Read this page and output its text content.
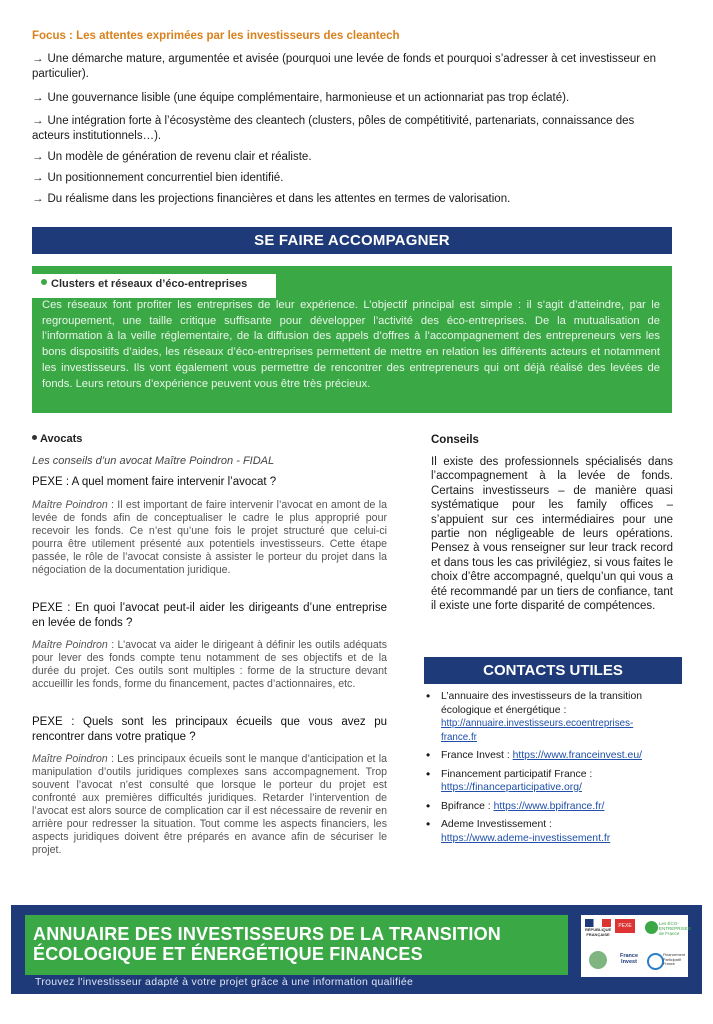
Focus : Les attentes exprimées par les investisseurs des cleantech
→ Une démarche mature, argumentée et avisée (pourquoi une levée de fonds et pourquoi s’adresser à cet investisseur en particulier).
→ Une gouvernance lisible (une équipe complémentaire, harmonieuse et un actionnariat pas trop éclaté).
→ Une intégration forte à l’écosystème des cleantech (clusters, pôles de compétitivité, partenariats, connaissance des acteurs institutionnels…).
→ Un modèle de génération de revenu clair et réaliste.
→ Un positionnement concurrentiel bien identifié.
→ Du réalisme dans les projections financières et dans les attentes en termes de valorisation.
SE FAIRE ACCOMPAGNER
Clusters et réseaux d’éco-entreprises
Ces réseaux font profiter les entreprises de leur expérience. L’objectif principal est simple : il s’agit d’atteindre, par le regroupement, une taille critique suffisante pour développer l’activité des éco-entreprises. De la mutualisation de l’information à la veille réglementaire, de la diffusion des appels d’offres à l’accompagnement des entrepreneurs vers les bons dispositifs d’aides, les réseaux d’éco-entreprises permettent de mettre en relation les différents acteurs et notamment les investisseurs. Ils vont également vous permettre de rencontrer des entrepreneurs qui ont déjà réalisé des levées de fonds. Leurs retours d’expérience peuvent vous être très précieux.
Avocats
Les conseils d’un avocat Maître Poindron - FIDAL
PEXE : A quel moment faire intervenir l’avocat ?
Maître Poindron : Il est important de faire intervenir l’avocat en amont de la levée de fonds afin de conceptualiser le cadre le plus approprié pour recevoir les fonds. Ce n’est qu’une fois le projet structuré que celui-ci pourra être utilement présenté aux potentiels investisseurs. Cette étape passée, le rôle de l’avocat consiste à assister le porteur du projet dans la négociation de la documentation juridique.
PEXE : En quoi l’avocat peut-il aider les dirigeants d’une entreprise en levée de fonds ?
Maître Poindron : L’avocat va aider le dirigeant à définir les outils adéquats pour lever des fonds compte tenu notamment de ses objectifs et de la durée du projet. Ces outils sont multiples : forme de la structure devant accueillir les fonds, forme du financement, pactes d’actionnaires, etc.
PEXE : Quels sont les principaux écueils que vous avez pu rencontrer dans votre pratique ?
Maître Poindron : Les principaux écueils sont le manque d’anticipation et la manipulation d’outils juridiques complexes sans accompagnement. Trop souvent l’avocat n’est consulté que lorsque le porteur du projet est confronté aux premières difficultés juridiques. Retarder l’intervention de l’avocat est alors source de complication car il est nécessaire de revenir en arrière pour redresser la situation. Tout comme les aspects financiers, les aspects juridiques doivent être préparés en avance afin de sécuriser le projet.
Conseils
Il existe des professionnels spécialisés dans l’accompagnement à la levée de fonds. Certains investisseurs – de manière quasi systématique pour les family offices – s’appuient sur ces intermédiaires pour une partie non négligeable de leurs opérations. Pensez à vous renseigner sur leur track record et dans tous les cas privilégiez, si vous faites le choix d’être accompagné, quelqu’un qui vous a été recommandé par un tiers de confiance, tant il existe une forte disparité de compétences.
CONTACTS UTILES
• L’annuaire des investisseurs de la transition écologique et énergétique :
http://annuaire.investisseurs.ecoentreprises-france.fr
• France Invest : https://www.franceinvest.eu/
• Financement participatif France :
https://financeparticipative.org/
• Bpifrance : https://www.bpifrance.fr/
• Ademe Investissement :
https://www.ademe-investissement.fr
ANNUAIRE DES INVESTISSEURS DE LA TRANSITION
ÉCOLOGIQUE ET ÉNERGÉTIQUE FINANCES
Trouvez l'investisseur adapté à votre projet grâce à une information qualifiée
RÉPUBLIQUE FRANÇAISE
PEXE	Les ÉCO-ENTREPRISES de France
France Invest
Financement Participatif France
